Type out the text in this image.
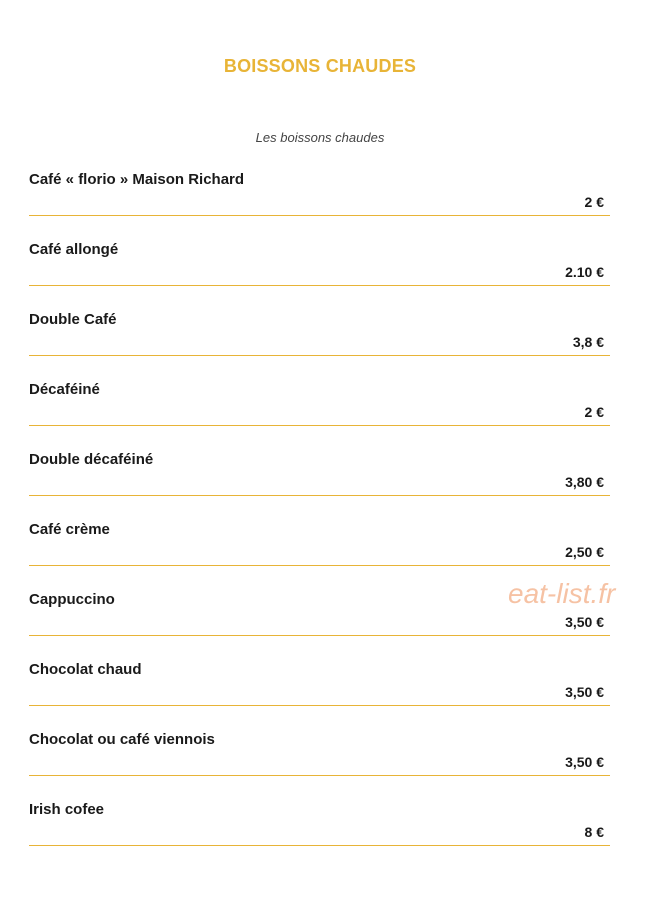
BOISSONS CHAUDES
Les boissons chaudes
Café « florio » Maison Richard
2 €
Café allongé
2.10 €
Double Café
3,8 €
Décaféiné
2 €
Double décaféiné
3,80 €
Café crème
2,50 €
Cappuccino
3,50 €
Chocolat chaud
3,50 €
Chocolat ou café viennois
3,50 €
Irish cofee
8 €
eat-list.fr
